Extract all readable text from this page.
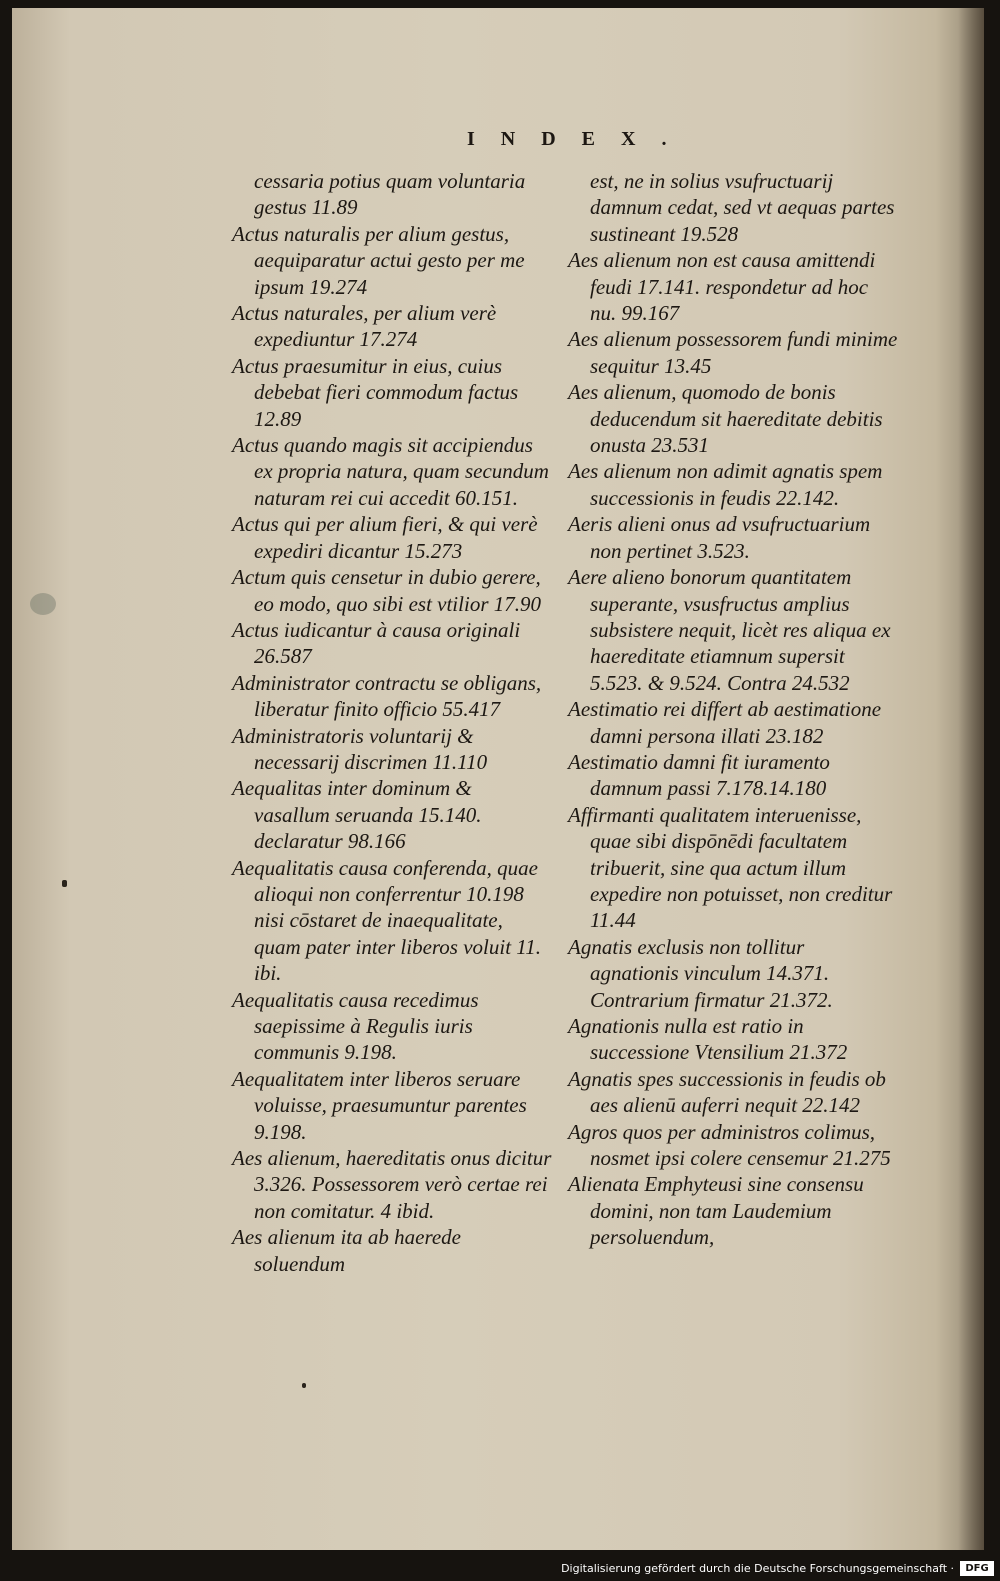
INDEX.
cessaria potius quam voluntaria gestus 11.89
Actus naturalis per alium gestus, aequiparatur actui gesto per me ipsum 19.274
Actus naturales, per alium verè expediuntur 17.274
Actus praesumitur in eius, cuius debebat fieri commodum factus 12.89
Actus quando magis sit accipiendus ex propria natura, quam secundum naturam rei cui accedit 60.151.
Actus qui per alium fieri, & qui verè expediri dicantur 15.273
Actum quis censetur in dubio gerere, eo modo, quo sibi est vtilior 17.90
Actus iudicantur à causa originali 26.587
Administrator contractu se obligans, liberatur finito officio 55.417
Administratoris voluntarij & necessarij discrimen 11.110
Aequalitas inter dominum & vasallum seruanda 15.140. declaratur 98.166
Aequalitatis causa conferenda, quae alioqui non conferrentur 10.198
nisi cōstaret de inaequalitate, quam pater inter liberos voluit 11. ibi.
Aequalitatis causa recedimus saepissime à Regulis iuris communis 9.198.
Aequalitatem inter liberos seruare voluisse, praesumuntur parentes 9.198.
Aes alienum, haereditatis onus dicitur 3.326. Possessorem verò certae rei non comitatur. 4 ibid.
Aes alienum ita ab haerede soluendum
est, ne in solius vsufructuarij damnum cedat, sed vt aequas partes sustineant 19.528
Aes alienum non est causa amittendi feudi 17.141. respondetur ad hoc nu. 99.167
Aes alienum possessorem fundi minime sequitur 13.45
Aes alienum, quomodo de bonis deducendum sit haereditate debitis onusta 23.531
Aes alienum non adimit agnatis spem successionis in feudis 22.142.
Aeris alieni onus ad vsufructuarium non pertinet 3.523.
Aere alieno bonorum quantitatem superante, vsusfructus amplius subsistere nequit, licèt res aliqua ex haereditate etiamnum supersit 5.523. & 9.524. Contra 24.532
Aestimatio rei differt ab aestimatione damni persona illati 23.182
Aestimatio damni fit iuramento damnum passi 7.178.14.180
Affirmanti qualitatem interuenisse, quae sibi dispōnēdi facultatem tribuerit, sine qua actum illum expedire non potuisset, non creditur 11.44
Agnatis exclusis non tollitur agnationis vinculum 14.371. Contrarium firmatur 21.372.
Agnationis nulla est ratio in successione Vtensilium 21.372
Agnatis spes successionis in feudis ob aes alienū auferri nequit 22.142
Agros quos per administros colimus, nosmet ipsi colere censemur 21.275
Alienata Emphyteusi sine consensu domini, non tam Laudemium persoluendum,
Digitalisierung gefördert durch die Deutsche Forschungsgemeinschaft ·	DFG
